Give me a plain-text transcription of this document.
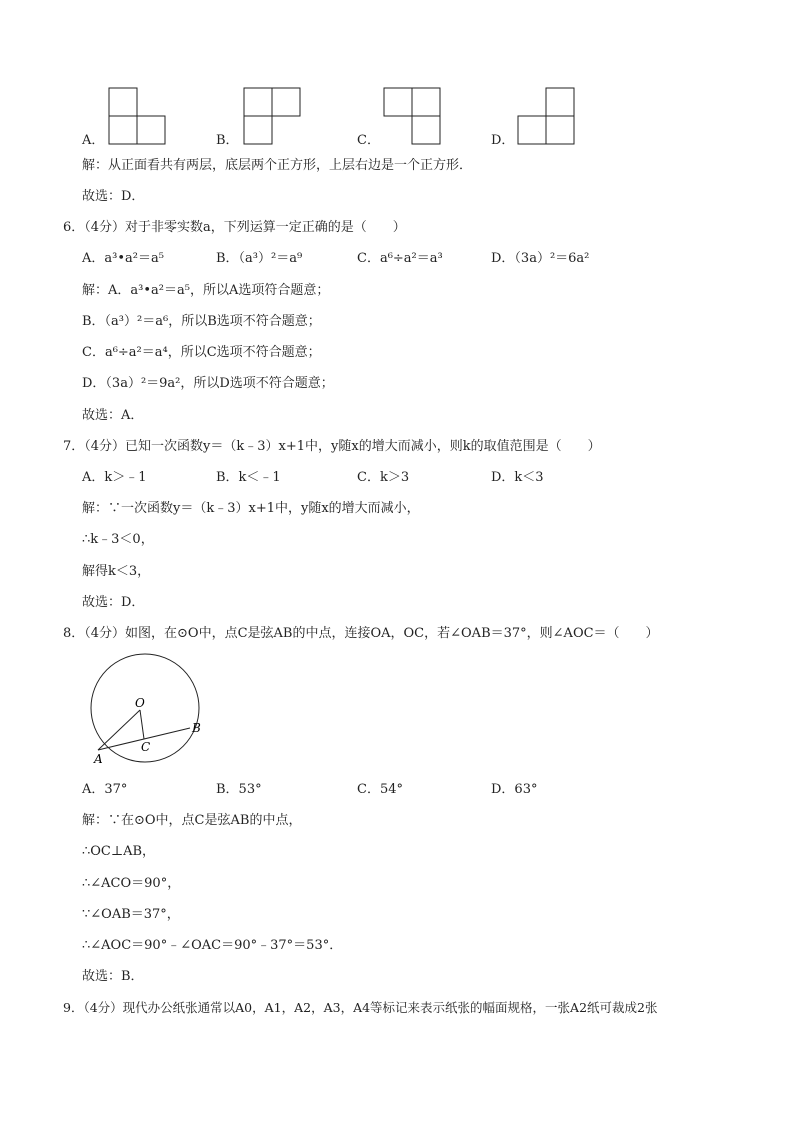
A．	B．	C．	D．
解：从正面看共有两层，底层两个正方形，上层右边是一个正方形．
故选：D．
6．（4分）对于非零实数a，下列运算一定正确的是（　　）
A．a³•a²＝a⁵	B．（a³）²＝a⁹	C．a⁶÷a²＝a³	D．（3a）²＝6a²
解：A．a³•a²＝a⁵，所以A选项符合题意；
B．（a³）²＝a⁶，所以B选项不符合题意；
C．a⁶÷a²＝a⁴，所以C选项不符合题意；
D．（3a）²＝9a²，所以D选项不符合题意；
故选：A．
7．（4分）已知一次函数y＝（k﹣3）x+1中，y随x的增大而减小，则k的取值范围是（　　）
A．k＞﹣1	B．k＜﹣1	C．k＞3	D．k＜3
解：∵一次函数y＝（k﹣3）x+1中，y随x的增大而减小，
∴k﹣3＜0，
解得k＜3，
故选：D．
8．（4分）如图，在⊙O中，点C是弦AB的中点，连接OA，OC，若∠OAB＝37°，则∠AOC＝（　　）
O
A
B
C
A．37°	B．53°	C．54°	D．63°
解：∵在⊙O中，点C是弦AB的中点，
∴OC⊥AB，
∴∠ACO＝90°，
∵∠OAB＝37°，
∴∠AOC＝90°﹣∠OAC＝90°﹣37°＝53°．
故选：B．
9．（4分）现代办公纸张通常以A0，A1，A2，A3，A4等标记来表示纸张的幅面规格，一张A2纸可裁成2张
